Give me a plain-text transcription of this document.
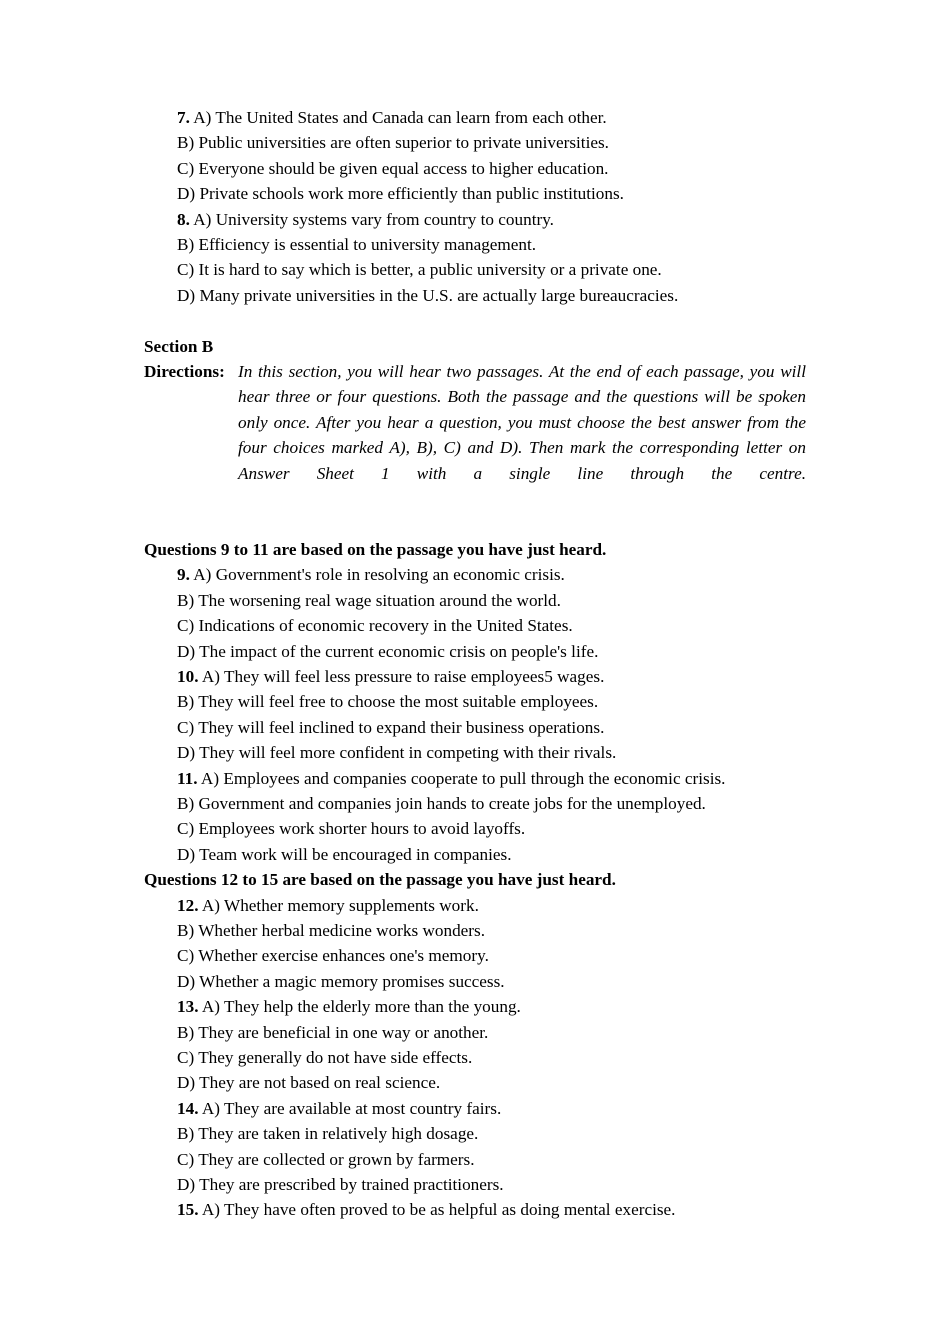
7. A) The United States and Canada can learn from each other.
B) Public universities are often superior to private universities.
C) Everyone should be given equal access to higher education.
D) Private schools work more efficiently than public institutions.
8. A) University systems vary from country to country.
B) Efficiency is essential to university management.
C) It is hard to say which is better, a public university or a private one.
D) Many private universities in the U.S. are actually large bureaucracies.
Section B
Directions: In this section, you will hear two passages. At the end of each passage, you will hear three or four questions. Both the passage and the questions will be spoken only once. After you hear a question, you must choose the best answer from the four choices marked A), B), C) and D). Then mark the corresponding letter on Answer Sheet 1 with a single line through the centre.
Questions 9 to 11 are based on the passage you have just heard.
9. A) Government's role in resolving an economic crisis.
B) The worsening real wage situation around the world.
C) Indications of economic recovery in the United States.
D) The impact of the current economic crisis on people's life.
10. A) They will feel less pressure to raise employees5 wages.
B) They will feel free to choose the most suitable employees.
C) They will feel inclined to expand their business operations.
D) They will feel more confident in competing with their rivals.
11. A) Employees and companies cooperate to pull through the economic crisis.
B) Government and companies join hands to create jobs for the unemployed.
C) Employees work shorter hours to avoid layoffs.
D) Team work will be encouraged in companies.
Questions 12 to 15 are based on the passage you have just heard.
12. A) Whether memory supplements work.
B) Whether herbal medicine works wonders.
C) Whether exercise enhances one's memory.
D) Whether a magic memory promises success.
13. A) They help the elderly more than the young.
B) They are beneficial in one way or another.
C) They generally do not have side effects.
D) They are not based on real science.
14. A) They are available at most country fairs.
B) They are taken in relatively high dosage.
C) They are collected or grown by farmers.
D) They are prescribed by trained practitioners.
15. A) They have often proved to be as helpful as doing mental exercise.
